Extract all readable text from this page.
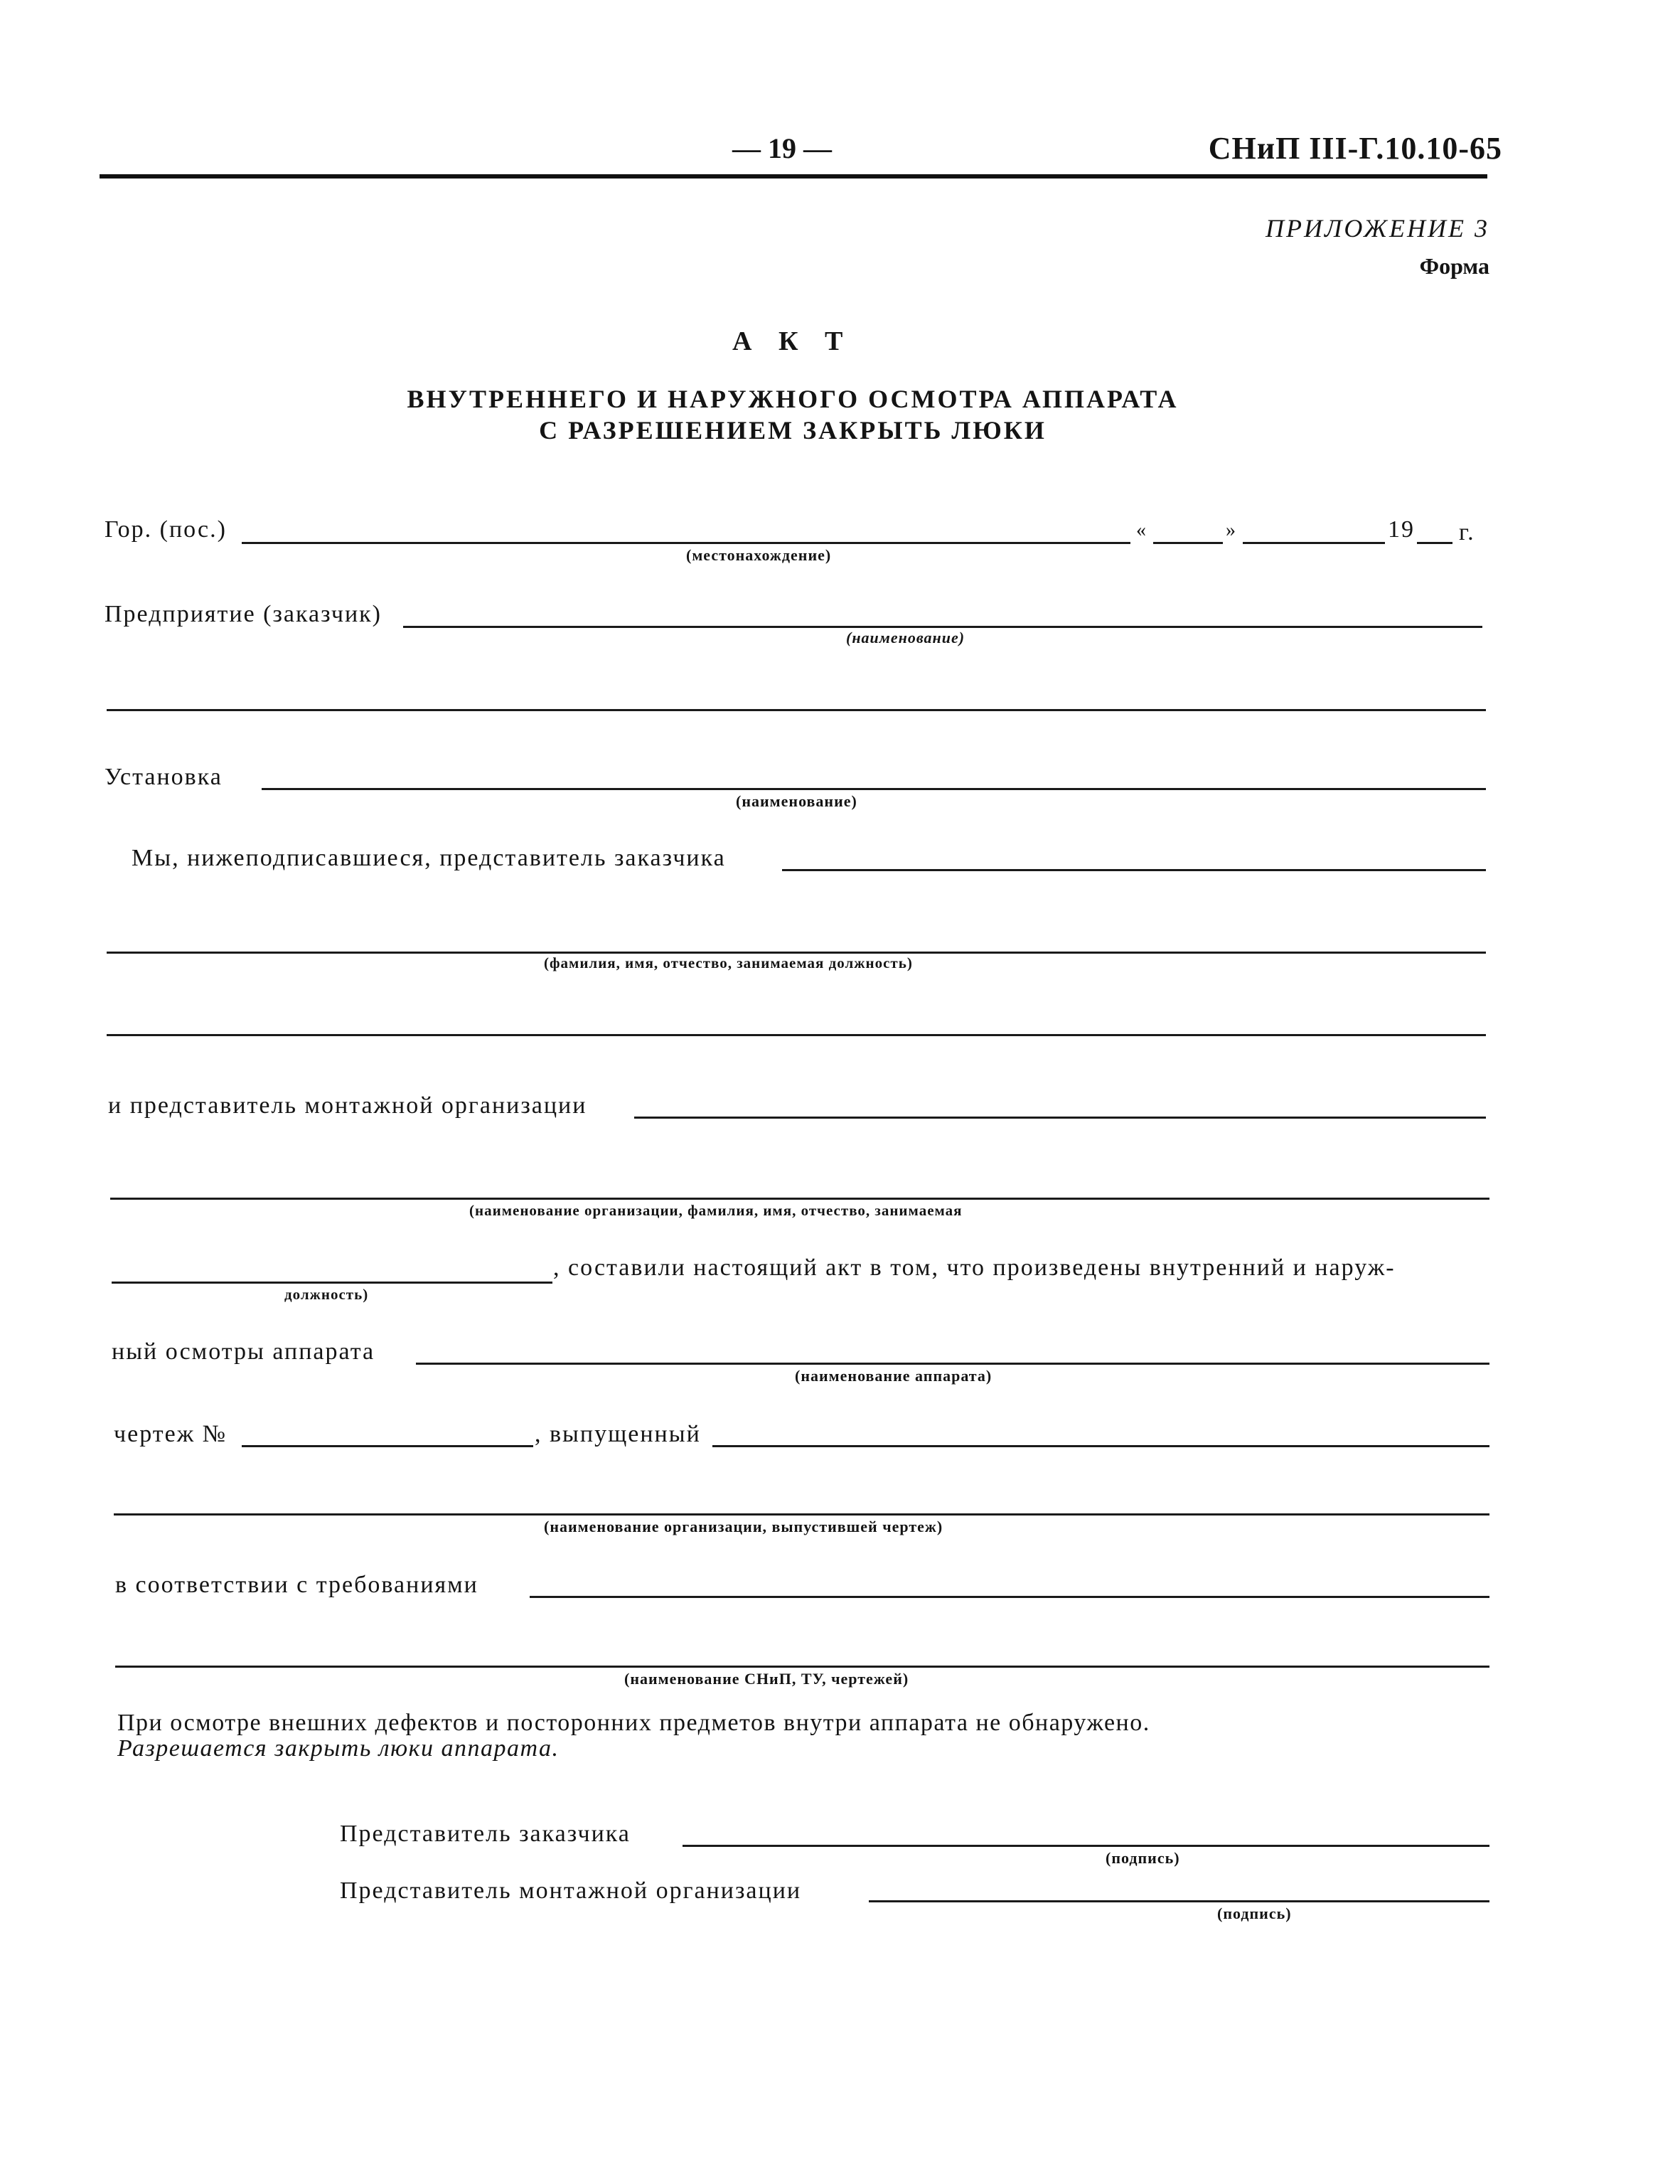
— 19 —	СНиП III-Г.10.10-65
ПРИЛОЖЕНИЕ 3
Форма
А К Т
ВНУТРЕННЕГО И НАРУЖНОГО ОСМОТРА АППАРАТА
С РАЗРЕШЕНИЕМ ЗАКРЫТЬ ЛЮКИ
Гор. (пос.)
(местонахождение)
«	»	19 г.
Предприятие (заказчик)
(наименование)
Установка
(наименование)
Мы, нижеподписавшиеся, представитель заказчика
(фамилия, имя, отчество, занимаемая должность)
и представитель монтажной организации
(наименование организации, фамилия, имя, отчество, занимаемая
, составили настоящий акт в том, что произведены внутренний и наруж-
должность)
ный осмотры аппарата
(наименование аппарата)
чертеж №	, выпущенный
(наименование организации, выпустившей чертеж)
в соответствии с требованиями
(наименование СНиП, ТУ, чертежей)
При осмотре внешних дефектов и посторонних предметов внутри аппарата не обнаружено.
Разрешается закрыть люки аппарата.
Представитель заказчика
(подпись)
Представитель монтажной организации
(подпись)
